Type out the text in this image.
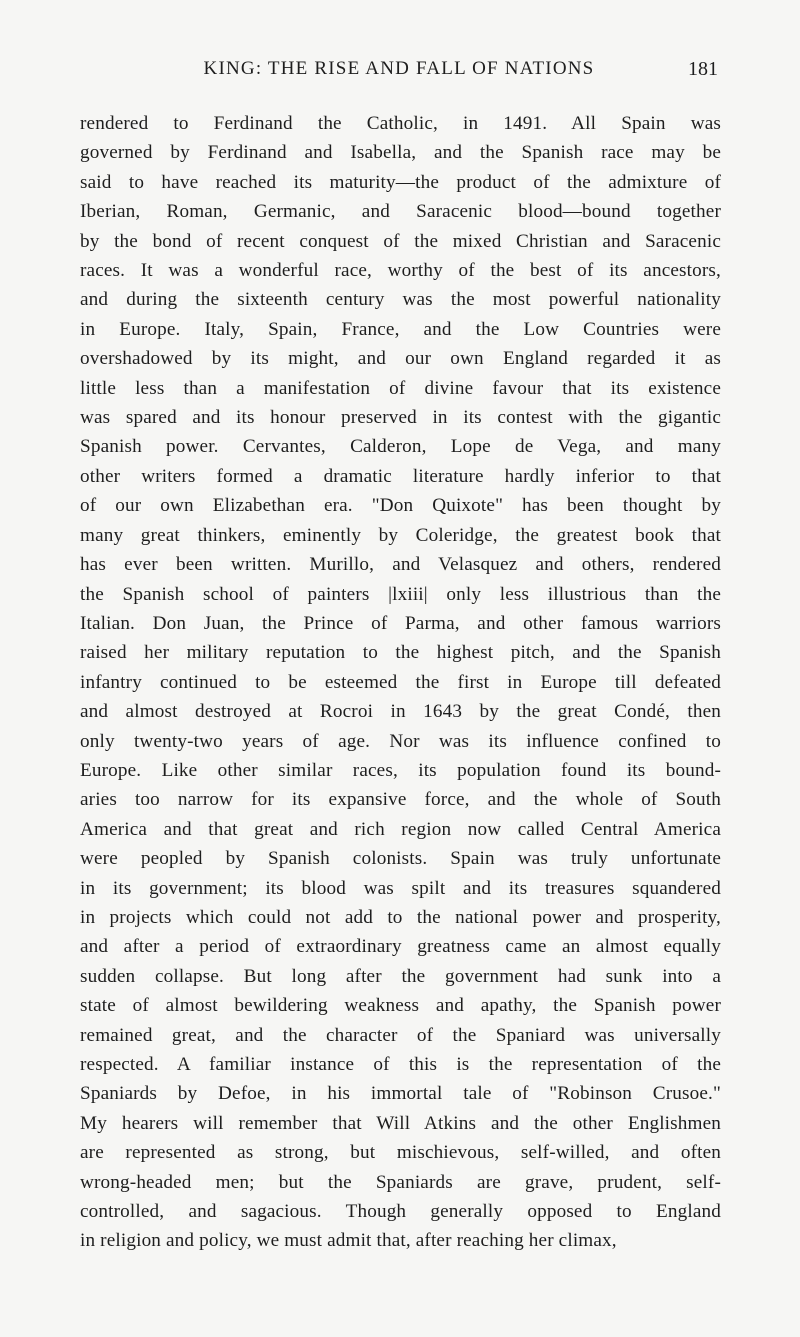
KING: THE RISE AND FALL OF NATIONS	181
rendered to Ferdinand the Catholic, in 1491. All Spain was
governed by Ferdinand and Isabella, and the Spanish race may be
said to have reached its maturity—the product of the admixture of
Iberian, Roman, Germanic, and Saracenic blood—bound together
by the bond of recent conquest of the mixed Christian and Saracenic
races. It was a wonderful race, worthy of the best of its ancestors,
and during the sixteenth century was the most powerful nationality
in Europe. Italy, Spain, France, and the Low Countries were
overshadowed by its might, and our own England regarded it as
little less than a manifestation of divine favour that its existence
was spared and its honour preserved in its contest with the gigantic
Spanish power. Cervantes, Calderon, Lope de Vega, and many
other writers formed a dramatic literature hardly inferior to that
of our own Elizabethan era. "Don Quixote" has been thought by
many great thinkers, eminently by Coleridge, the greatest book that
has ever been written. Murillo, and Velasquez and others, rendered
the Spanish school of painters |lxiii| only less illustrious than the
Italian. Don Juan, the Prince of Parma, and other famous warriors
raised her military reputation to the highest pitch, and the Spanish
infantry continued to be esteemed the first in Europe till defeated
and almost destroyed at Rocroi in 1643 by the great Condé, then
only twenty-two years of age. Nor was its influence confined to
Europe. Like other similar races, its population found its bound-
aries too narrow for its expansive force, and the whole of South
America and that great and rich region now called Central America
were peopled by Spanish colonists. Spain was truly unfortunate
in its government; its blood was spilt and its treasures squandered
in projects which could not add to the national power and prosperity,
and after a period of extraordinary greatness came an almost equally
sudden collapse. But long after the government had sunk into a
state of almost bewildering weakness and apathy, the Spanish power
remained great, and the character of the Spaniard was universally
respected. A familiar instance of this is the representation of the
Spaniards by Defoe, in his immortal tale of "Robinson Crusoe."
My hearers will remember that Will Atkins and the other Englishmen
are represented as strong, but mischievous, self-willed, and often
wrong-headed men; but the Spaniards are grave, prudent, self-
controlled, and sagacious. Though generally opposed to England
in religion and policy, we must admit that, after reaching her climax,
